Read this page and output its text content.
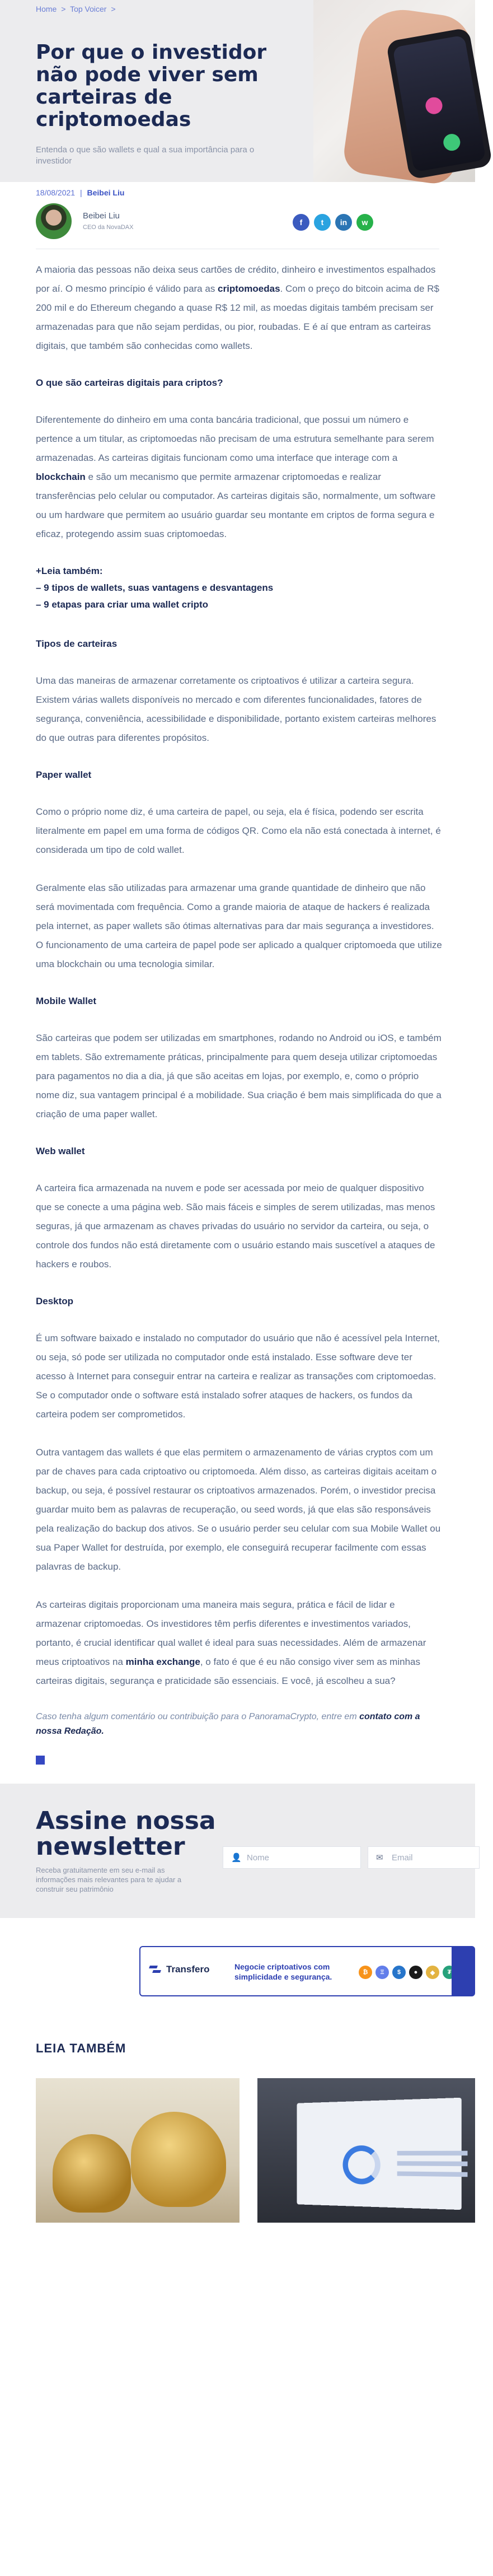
Home > Top Voicer >
Por que o investidor não pode viver sem carteiras de criptomoedas

Entenda o que são wallets e qual a sua importância para o investidor

18/08/2021 | Beibei Liu
Beibei Liu
CEO da NovaDAX
f	t	in	w

A maioria das pessoas não deixa seus cartões de crédito, dinheiro e investimentos espalhados por aí. O mesmo princípio é válido para as criptomoedas. Com o preço do bitcoin acima de R$ 200 mil e do Ethereum chegando a quase R$ 12 mil, as moedas digitais também precisam ser armazenadas para que não sejam perdidas, ou pior, roubadas. E é aí que entram as carteiras digitais, que também são conhecidas como wallets.

O que são carteiras digitais para criptos?

Diferentemente do dinheiro em uma conta bancária tradicional, que possui um número e pertence a um titular, as criptomoedas não precisam de uma estrutura semelhante para serem armazenadas. As carteiras digitais funcionam como uma interface que interage com a blockchain e são um mecanismo que permite armazenar criptomoedas e realizar transferências pelo celular ou computador. As carteiras digitais são, normalmente, um software ou um hardware que permitem ao usuário guardar seu montante em criptos de forma segura e eficaz, protegendo assim suas criptomoedas.

+Leia também:
– 9 tipos de wallets, suas vantagens e desvantagens
– 9 etapas para criar uma wallet cripto
Tipos de carteiras

Uma das maneiras de armazenar corretamente os criptoativos é utilizar a carteira segura. Existem várias wallets disponíveis no mercado e com diferentes funcionalidades, fatores de segurança, conveniência, acessibilidade e disponibilidade, portanto existem carteiras melhores do que outras para diferentes propósitos.

Paper wallet

Como o próprio nome diz, é uma carteira de papel, ou seja, ela é física, podendo ser escrita literalmente em papel em uma forma de códigos QR. Como ela não está conectada à internet, é considerada um tipo de cold wallet.

Geralmente elas são utilizadas para armazenar uma grande quantidade de dinheiro que não será movimentada com frequência. Como a grande maioria de ataque de hackers é realizada pela internet, as paper wallets são ótimas alternativas para dar mais segurança a investidores. O funcionamento de uma carteira de papel pode ser aplicado a qualquer criptomoeda que utilize uma blockchain ou uma tecnologia similar.

Mobile Wallet

São carteiras que podem ser utilizadas em smartphones, rodando no Android ou iOS, e também em tablets. São extremamente práticas, principalmente para quem deseja utilizar criptomoedas para pagamentos no dia a dia, já que são aceitas em lojas, por exemplo, e, como o próprio nome diz, sua vantagem principal é a mobilidade. Sua criação é bem mais simplificada do que a criação de uma paper wallet.

Web wallet

A carteira fica armazenada na nuvem e pode ser acessada por meio de qualquer dispositivo que se conecte a uma página web. São mais fáceis e simples de serem utilizadas, mas menos seguras, já que armazenam as chaves privadas do usuário no servidor da carteira, ou seja, o controle dos fundos não está diretamente com o usuário estando mais suscetível a ataques de hackers e roubos.

Desktop

É um software baixado e instalado no computador do usuário que não é acessível pela Internet, ou seja, só pode ser utilizada no computador onde está instalado. Esse software deve ter acesso à Internet para conseguir entrar na carteira e realizar as transações com criptomoedas. Se o computador onde o software está instalado sofrer ataques de hackers, os fundos da carteira podem ser comprometidos.

Outra vantagem das wallets é que elas permitem o armazenamento de várias cryptos com um par de chaves para cada criptoativo ou criptomoeda. Além disso, as carteiras digitais aceitam o backup, ou seja, é possível restaurar os criptoativos armazenados. Porém, o investidor precisa guardar muito bem as palavras de recuperação, ou seed words, já que elas são responsáveis pela realização do backup dos ativos. Se o usuário perder seu celular com sua Mobile Wallet ou sua Paper Wallet for destruída, por exemplo, ele conseguirá recuperar facilmente com essas palavras de backup.

As carteiras digitais proporcionam uma maneira mais segura, prática e fácil de lidar e armazenar criptomoedas. Os investidores têm perfis diferentes e investimentos variados, portanto, é crucial identificar qual wallet é ideal para suas necessidades. Além de armazenar meus criptoativos na minha exchange, o fato é que é eu não consigo viver sem as minhas carteiras digitais, segurança e praticidade são essenciais. E você, já escolheu a sua?

Caso tenha algum comentário ou contribuição para o PanoramaCrypto, entre em contato com a nossa Redação.

Assine nossa newsletter

Receba gratuitamente em seu e-mail as informações mais relevantes para te ajudar a construir seu patrimônio

👤 Nome	✉	Email
Transfero	Negocie criptoativos com simplicidade e segurança.	₿	Ξ	$	●	◆	₮
LEIA TAMBÉM
